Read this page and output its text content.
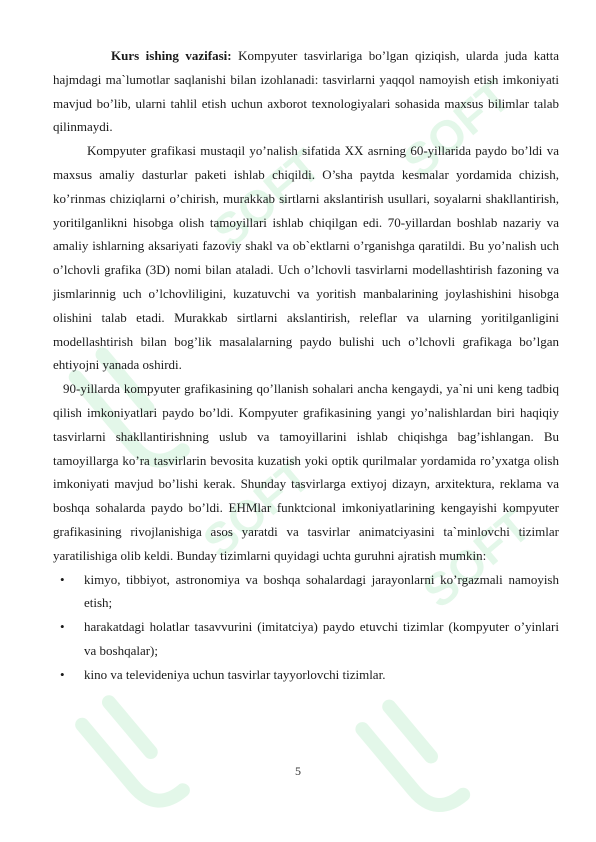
SOFT
SOFT
SOFT SOFT

Kurs ishing vazifasi: Kompyuter tasvirlariga bo’lgan qiziqish, ularda juda katta hajmdagi ma`lumotlar saqlanishi bilan izohlanadi: tasvirlarni yaqqol namoyish etish imkoniyati mavjud bo’lib, ularni tahlil etish uchun axborot texnologiyalari sohasida maxsus bilimlar talab qilinmaydi.

Kompyuter grafikasi mustaqil yo’nalish sifatida XX asrning 60-yillarida paydo bo’ldi va maxsus amaliy dasturlar paketi ishlab chiqildi. O’sha paytda kesmalar yordamida chizish, ko’rinmas chiziqlarni o’chirish, murakkab sirtlarni akslantirish usullari, soyalarni shakllantirish, yoritilganlikni hisobga olish tamoyillari ishlab chiqilgan edi. 70-yillardan boshlab nazariy va amaliy ishlarning aksariyati fazoviy shakl va ob`ektlarni o’rganishga qaratildi. Bu yo’nalish uch o’lchovli grafika (3D) nomi bilan ataladi. Uch o’lchovli tasvirlarni modellashtirish fazoning va jismlarinnig uch o’lchovliligini, kuzatuvchi va yoritish manbalarining joylashishini hisobga olishini talab etadi. Murakkab sirtlarni akslantirish, releflar va ularning yoritilganligini modellashtirish bilan bog’lik masalalarning paydo bulishi uch o’lchovli grafikaga bo’lgan ehtiyojni yanada oshirdi.

90-yillarda kompyuter grafikasining qo’llanish sohalari ancha kengaydi, ya`ni uni keng tadbiq qilish imkoniyatlari paydo bo’ldi. Kompyuter grafikasining yangi yo’nalishlardan biri haqiqiy tasvirlarni shakllantirishning uslub va tamoyillarini ishlab chiqishga bag’ishlangan. Bu tamoyillarga ko’ra tasvirlarin bevosita kuzatish yoki optik qurilmalar yordamida ro’yxatga olish imkoniyati mavjud bo’lishi kerak. Shunday tasvirlarga extiyoj dizayn, arxitektura, reklama va boshqa sohalarda paydo bo’ldi. EHMlar funktcional imkoniyatlarining kengayishi kompyuter grafikasining rivojlanishiga asos yaratdi va tasvirlar animatciyasini ta`minlovchi tizimlar yaratilishiga olib keldi. Bunday tizimlarni quyidagi uchta guruhni ajratish mumkin:

• kimyo, tibbiyot, astronomiya va boshqa sohalardagi jarayonlarni ko’rgazmali namoyish etish;
• harakatdagi holatlar tasavvurini (imitatciya) paydo etuvchi tizimlar (kompyuter o’yinlari va boshqalar);
• kino va televideniya uchun tasvirlar tayyorlovchi tizimlar.
5
